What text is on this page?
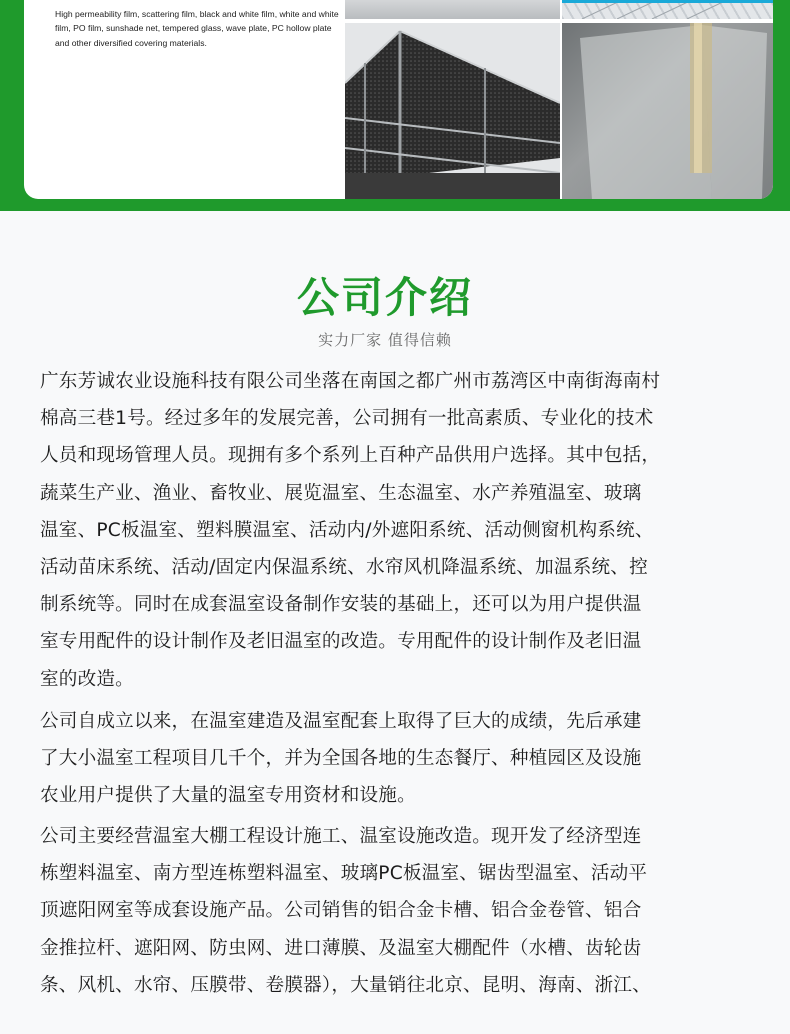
High permeability film, scattering film, black and white film, white and white film, PO film, sunshade net, tempered glass, wave plate, PC hollow plate and other diversified covering materials.
公司介绍
实力厂家 值得信赖
广东芳诚农业设施科技有限公司坐落在南国之都广州市荔湾区中南街海南村
棉高三巷1号。经过多年的发展完善，公司拥有一批高素质、专业化的技术
人员和现场管理人员。现拥有多个系列上百种产品供用户选择。其中包括，
蔬菜生产业、渔业、畜牧业、展览温室、生态温室、水产养殖温室、玻璃
温室、PC板温室、塑料膜温室、活动内/外遮阳系统、活动侧窗机构系统、
活动苗床系统、活动/固定内保温系统、水帘风机降温系统、加温系统、控
制系统等。同时在成套温室设备制作安装的基础上，还可以为用户提供温
室专用配件的设计制作及老旧温室的改造。专用配件的设计制作及老旧温
室的改造。
公司自成立以来，在温室建造及温室配套上取得了巨大的成绩，先后承建
了大小温室工程项目几千个，并为全国各地的生态餐厅、种植园区及设施
农业用户提供了大量的温室专用资材和设施。
公司主要经营温室大棚工程设计施工、温室设施改造。现开发了经济型连
栋塑料温室、南方型连栋塑料温室、玻璃PC板温室、锯齿型温室、活动平
顶遮阳网室等成套设施产品。公司销售的铝合金卡槽、铝合金卷管、铝合
金推拉杆、遮阳网、防虫网、进口薄膜、及温室大棚配件（水槽、齿轮齿
条、风机、水帘、压膜带、卷膜器），大量销往北京、昆明、海南、浙江、
